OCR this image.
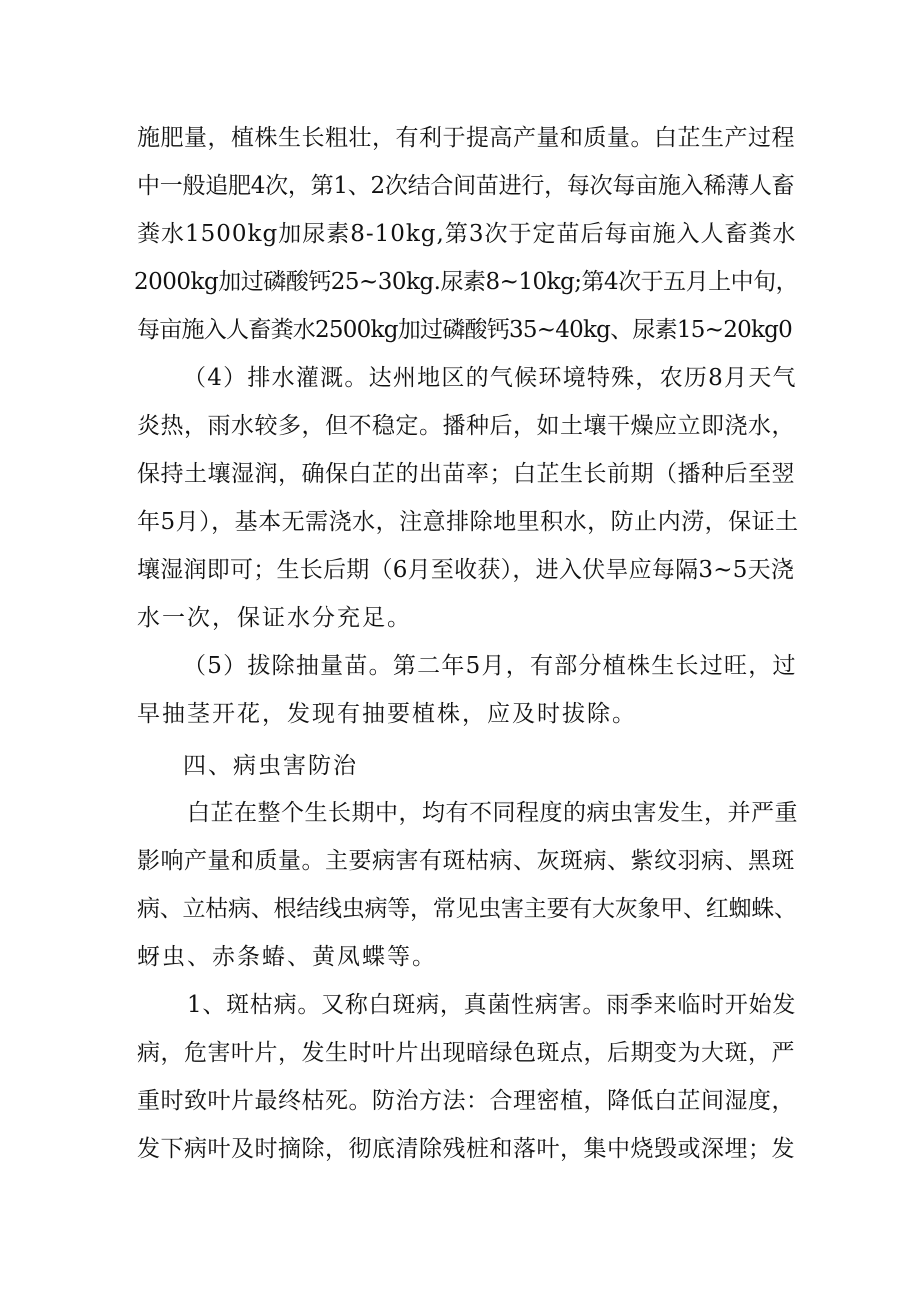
施肥量，植株生长粗壮，有利于提高产量和质量。白芷生产过程
中一般追肥4次，第1、2次结合间苗进行，每次每亩施入稀薄人畜
粪水1500kg加尿素8-10kg,第3次于定苗后每亩施入人畜粪水
2000kg加过磷酸钙25~30kg.尿素8~10kg;第4次于五月上中旬，
每亩施入人畜粪水2500kg加过磷酸钙35~40kg、尿素15~20kg0
（4）排水灌溉。达州地区的气候环境特殊，农历8月天气
炎热，雨水较多，但不稳定。播种后，如土壤干燥应立即浇水，
保持土壤湿润，确保白芷的出苗率；白芷生长前期（播种后至翌
年5月），基本无需浇水，注意排除地里积水，防止内涝，保证土
壤湿润即可；生长后期（6月至收获），进入伏旱应每隔3~5天浇
水一次，保证水分充足。
（5）拔除抽量苗。第二年5月，有部分植株生长过旺，过
早抽茎开花，发现有抽要植株，应及时拔除。
四、病虫害防治
白芷在整个生长期中，均有不同程度的病虫害发生，并严重
影响产量和质量。主要病害有斑枯病、灰斑病、紫纹羽病、黑斑
病、立枯病、根结线虫病等，常见虫害主要有大灰象甲、红蜘蛛、
蚜虫、赤条蝽、黄凤蝶等。
1、斑枯病。又称白斑病，真菌性病害。雨季来临时开始发
病，危害叶片，发生时叶片出现暗绿色斑点，后期变为大斑，严
重时致叶片最终枯死。防治方法：合理密植，降低白芷间湿度，
发下病叶及时摘除，彻底清除残桩和落叶，集中烧毁或深埋；发
